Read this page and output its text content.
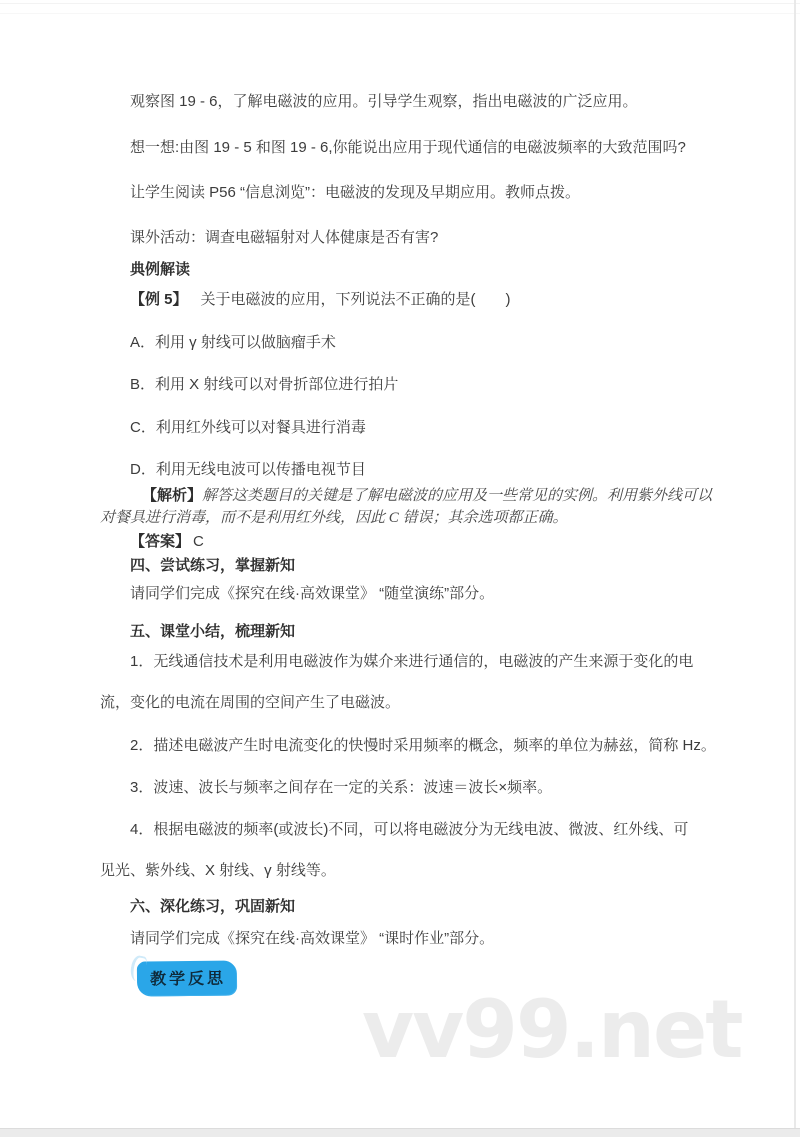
观察图 19 - 6，了解电磁波的应用。引导学生观察，指出电磁波的广泛应用。

想一想:由图 19 - 5 和图 19 - 6,你能说出应用于现代通信的电磁波频率的大致范围吗?

让学生阅读 P56 “信息浏览”：电磁波的发现及早期应用。教师点拨。

课外活动：调查电磁辐射对人体健康是否有害?

典例解读

【例 5】 关于电磁波的应用，下列说法不正确的是(　　)

A．利用 γ 射线可以做脑瘤手术

B．利用 X 射线可以对骨折部位进行拍片

C．利用红外线可以对餐具进行消毒

D．利用无线电波可以传播电视节目

【解析】解答这类题目的关键是了解电磁波的应用及一些常见的实例。利用紫外线可以

对餐具进行消毒，而不是利用红外线，因此 C 错误；其余选项都正确。

【答案】 C

四、尝试练习，掌握新知

请同学们完成《探究在线·高效课堂》 “随堂演练”部分。

五、课堂小结，梳理新知

1．无线通信技术是利用电磁波作为媒介来进行通信的，电磁波的产生来源于变化的电

流，变化的电流在周围的空间产生了电磁波。

2．描述电磁波产生时电流变化的快慢时采用频率的概念，频率的单位为赫兹，简称 Hz。

3．波速、波长与频率之间存在一定的关系：波速＝波长×频率。

4．根据电磁波的频率(或波长)不同，可以将电磁波分为无线电波、微波、红外线、可

见光、紫外线、X 射线、γ 射线等。

六、深化练习，巩固新知

请同学们完成《探究在线·高效课堂》 “课时作业”部分。

教学反思
vv99.net
